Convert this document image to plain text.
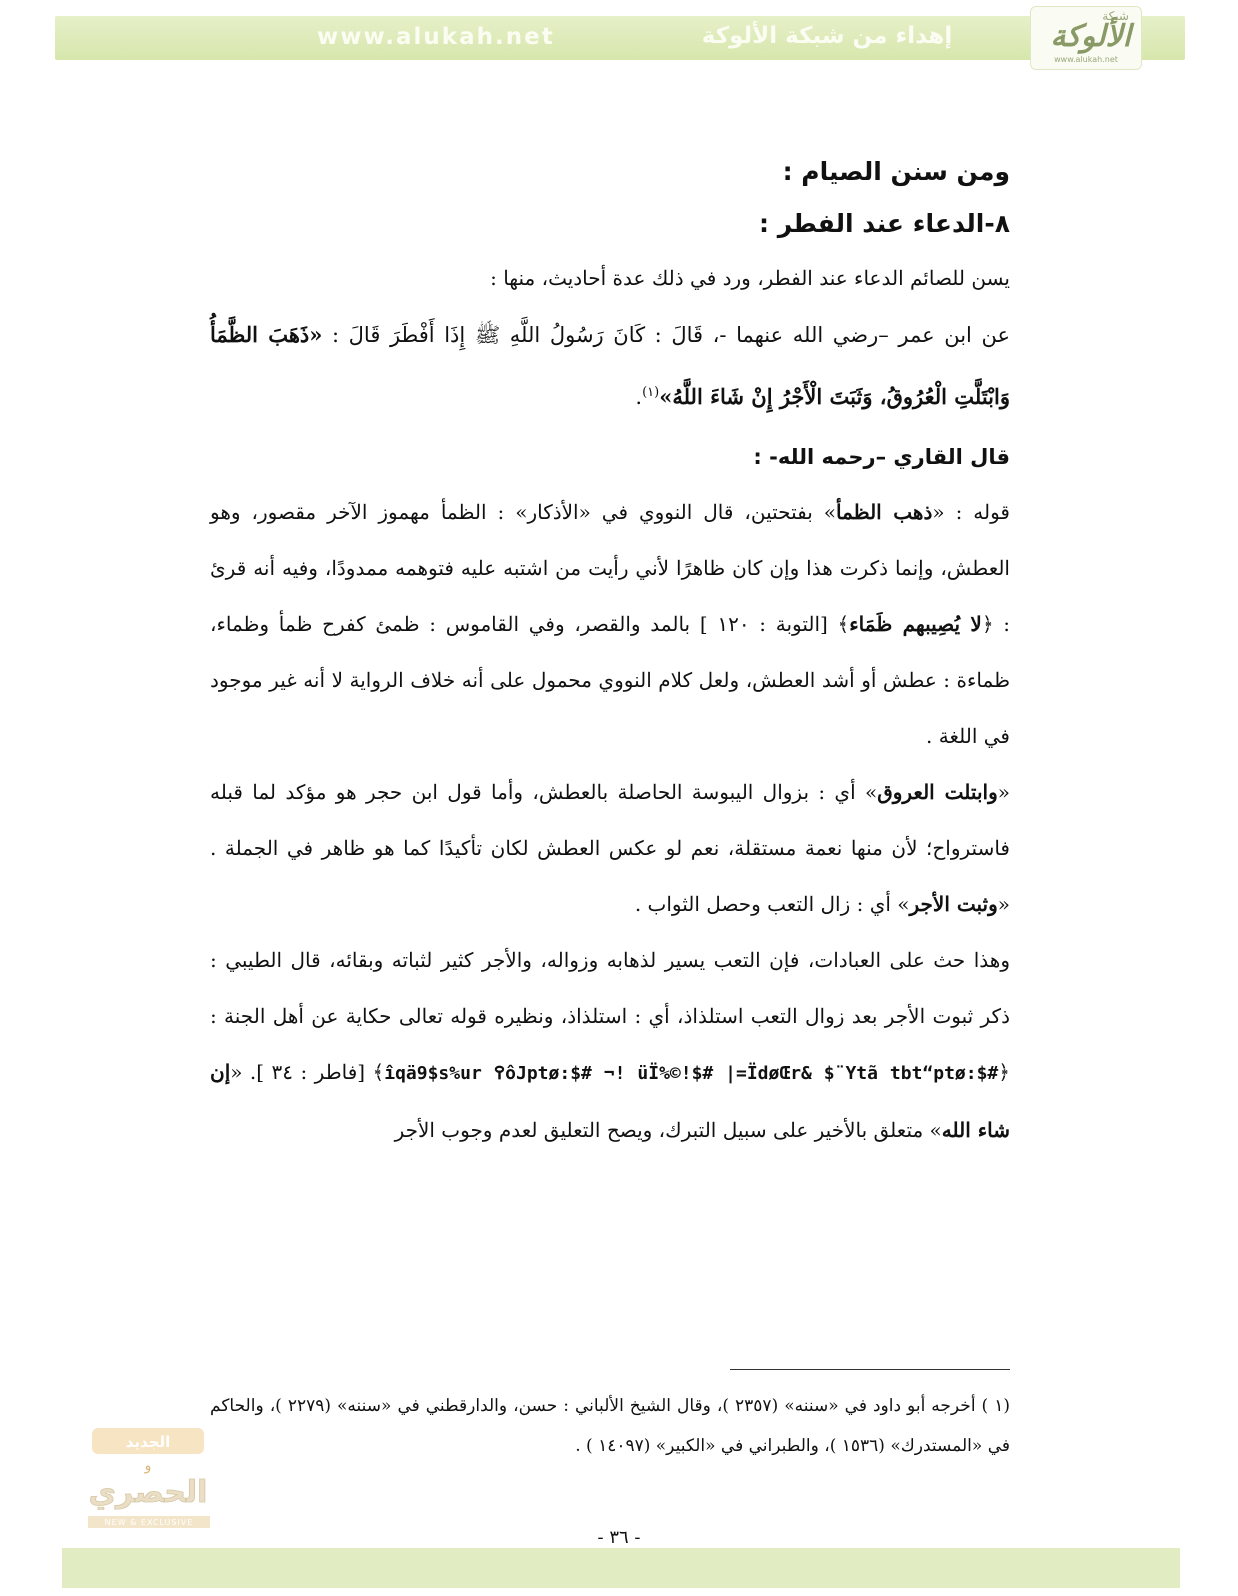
www.alukah.net	إهداء من شبكة الألوكة
شبكة
الألوكة
www.alukah.net
ومن سنن الصيام :
٨-الدعاء عند الفطر :

يسن للصائم الدعاء عند الفطر، ورد في ذلك عدة أحاديث، منها :

عن ابن عمر –رضي الله عنهما -، قَالَ : كَانَ رَسُولُ اللَّهِ ﷺ إِذَا أَفْطَرَ قَالَ : «ذَهَبَ الظَّمَأُ وَابْتَلَّتِ الْعُرُوقُ، وَثَبَتَ الْأَجْرُ إِنْ شَاءَ اللَّهُ»$^{(١)}$.

قال القاري –رحمه الله- :

قوله : «ذهب الظمأ» بفتحتين، قال النووي في «الأذكار» : الظمأ مهموز الآخر مقصور، وهو العطش، وإنما ذكرت هذا وإن كان ظاهرًا لأني رأيت من اشتبه عليه فتوهمه ممدودًا، وفيه أنه قرئ : ﴿لا يُصِيبهم ظَمَاء﴾ [التوبة : ١٢٠ ] بالمد والقصر، وفي القاموس : ظمئ كفرح ظمأ وظماء، ظماءة : عطش أو أشد العطش، ولعل كلام النووي محمول على أنه خلاف الرواية لا أنه غير موجود في اللغة .

«وابتلت العروق» أي : بزوال اليبوسة الحاصلة بالعطش، وأما قول ابن حجر هو مؤكد لما قبله فاسترواح؛ لأن منها نعمة مستقلة، نعم لو عكس العطش لكان تأكيدًا كما هو ظاهر في الجملة . «وثبت الأجر» أي : زال التعب وحصل الثواب .

وهذا حث على العبادات، فإن التعب يسير لذهابه وزواله، والأجر كثير لثباته وبقائه، قال الطيبي : ذكر ثبوت الأجر بعد زوال التعب استلذاذ، أي : استلذاذ، ونظيره قوله تعالى حكاية عن أهل الجنة : ﴿îqä9$s%ur ߉ôJptø:$# ¬! üÏ%©!$# |=ÏdøŒr& $¨Ytã tbt“ptø:$#﴾ [فاطر : ٣٤ ]. «إن شاء الله» متعلق بالأخير على سبيل التبرك، ويصح التعليق لعدم وجوب الأجر

(١ ) أخرجه أبو داود في «سننه» (٢٣٥٧ )، وقال الشيخ الألباني : حسن، والدارقطني في «سننه» (٢٢٧٩ )، والحاكم في «المستدرك» (١٥٣٦ )، والطبراني في «الكبير» (١٤٠٩٧ ) .
الجديد
و
الحصري
NEW & EXCLUSIVE
- ٣٦ -
